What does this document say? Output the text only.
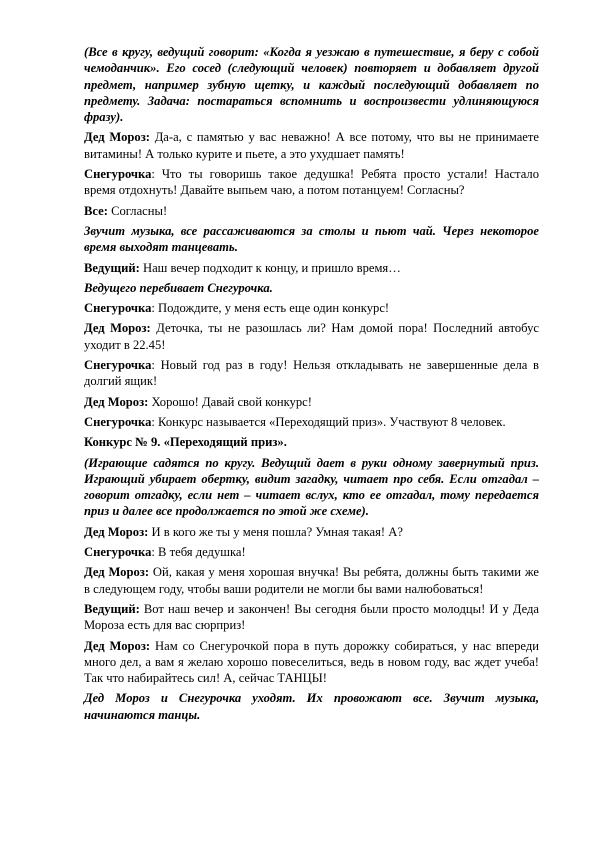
(Все в кругу, ведущий говорит: «Когда я уезжаю в путешествие, я беру с собой чемоданчик». Его сосед (следующий человек) повторяет и добавляет другой предмет, например зубную щетку, и каждый последующий добавляет по предмету. Задача: постараться вспомнить и воспроизвести удлиняющуюся фразу).

Дед Мороз: Да-а, с памятью у вас неважно! А все потому, что вы не принимаете витамины! А только курите и пьете, а это ухудшает память!

Снегурочка: Что ты говоришь такое дедушка! Ребята просто устали! Настало время отдохнуть! Давайте выпьем чаю, а потом потанцуем! Согласны?

Все: Согласны!

Звучит музыка, все рассаживаются за столы и пьют чай. Через некоторое время выходят танцевать.

Ведущий: Наш вечер подходит к концу, и пришло время…

Ведущего перебивает Снегурочка.

Снегурочка: Подождите, у меня есть еще один конкурс!

Дед Мороз: Деточка, ты не разошлась ли? Нам домой пора! Последний автобус уходит в 22.45!

Снегурочка: Новый год раз в году! Нельзя откладывать не завершенные дела в долгий ящик!

Дед Мороз: Хорошо! Давай свой конкурс!

Снегурочка: Конкурс называется «Переходящий приз». Участвуют 8 человек.

Конкурс № 9. «Переходящий приз».

(Играющие садятся по кругу. Ведущий дает в руки одному завернутый приз. Играющий убирает обертку, видит загадку, читает про себя. Если отгадал – говорит отгадку, если нет – читает вслух, кто ее отгадал, тому передается приз и далее все продолжается по этой же схеме).

Дед Мороз: И в кого же ты у меня пошла? Умная такая! А?

Снегурочка: В тебя дедушка!

Дед Мороз: Ой, какая у меня хорошая внучка! Вы ребята, должны быть такими же в следующем году, чтобы ваши родители не могли бы вами налюбоваться!

Ведущий: Вот наш вечер и закончен! Вы сегодня были просто молодцы! И у Деда Мороза есть для вас сюрприз!

Дед Мороз: Нам со Снегурочкой пора в путь дорожку собираться, у нас впереди много дел, а вам я желаю хорошо повеселиться, ведь в новом году, вас ждет учеба! Так что набирайтесь сил! А, сейчас ТАНЦЫ!

Дед Мороз и Снегурочка уходят. Их провожают все. Звучит музыка, начинаются танцы.
